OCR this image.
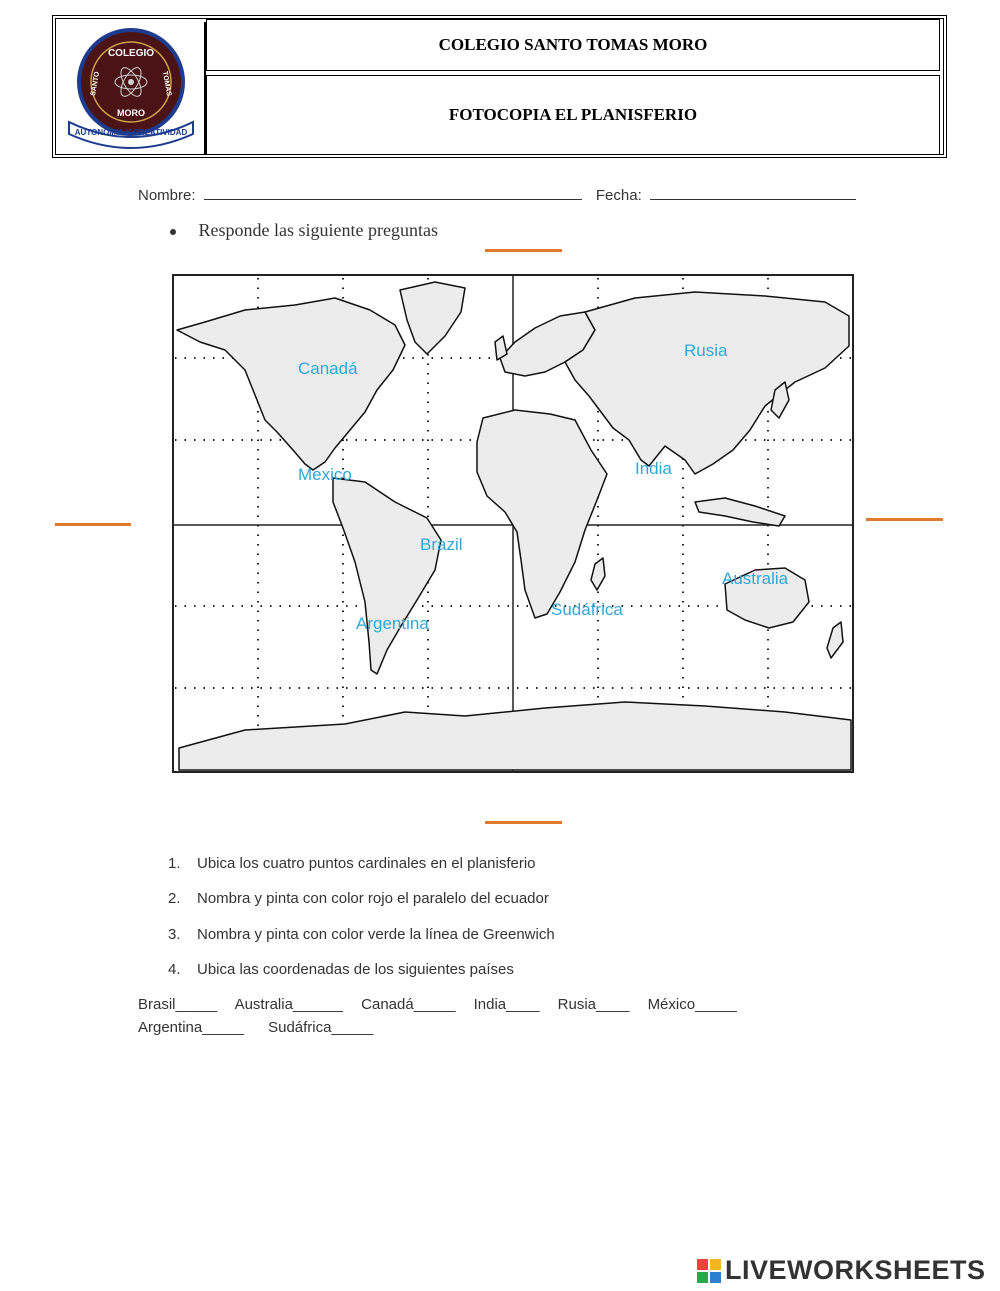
COLEGIO
MORO
SANTO	TOMAS
AUTONOMIA Y CREATIVIDAD
COLEGIO SANTO TOMAS MORO
FOTOCOPIA EL PLANISFERIO
Nombre:	Fecha:
Responde las siguiente preguntas
Canadá
Mexico
Brazil
Argentina
Rusia
India
Sudáfrica
Australia
1. Ubica los cuatro puntos cardinales en el planisferio
2. Nombra y pinta con color rojo el paralelo del ecuador
3. Nombra y pinta con color verde la línea de Greenwich
4. Ubica las coordenadas de los siguientes países
Brasil_____ Australia______ Canadá_____ India____ Rusia____ México_____
Argentina_____ Sudáfrica_____
LIVEWORKSHEETS
